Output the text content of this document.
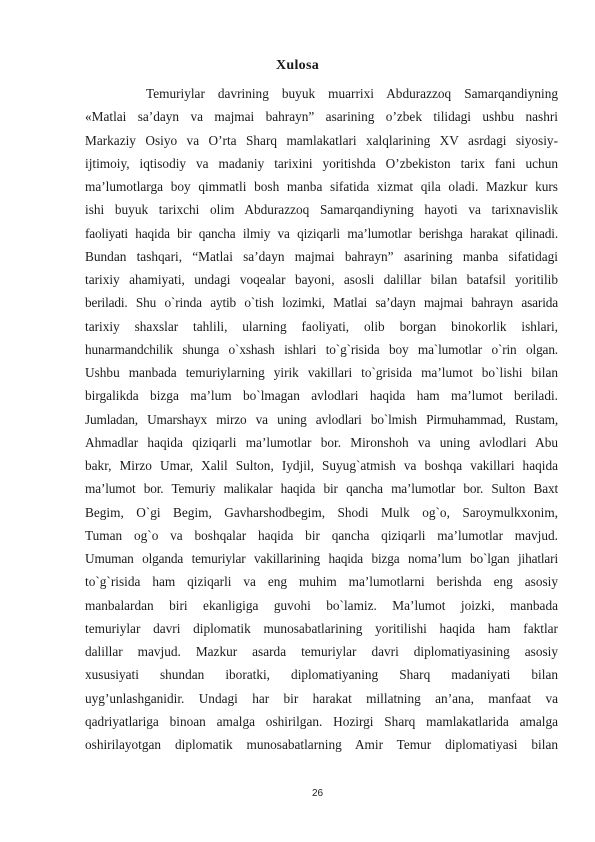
Xulosa
Temuriylar davrining buyuk muarrixi Abdurazzoq Samarqandiyning
«Matlai sa’dayn va majmai bahrayn” asarining o’zbek tilidagi ushbu nashri
Markaziy Osiyo va O’rta Sharq mamlakatlari xalqlarining XV asrdagi siyosiy-
ijtimoiy, iqtisodiy va madaniy tarixini yoritishda O’zbekiston tarix fani uchun
ma’lumotlarga boy qimmatli bosh manba sifatida xizmat qila oladi. Mazkur kurs
ishi buyuk tarixchi olim Abdurazzoq Samarqandiyning hayoti va tarixnavislik
faoliyati haqida bir qancha ilmiy va qiziqarli ma’lumotlar berishga harakat qilinadi.
Bundan tashqari, “Matlai sa’dayn majmai bahrayn” asarining manba sifatidagi
tarixiy ahamiyati, undagi voqealar bayoni, asosli dalillar bilan batafsil yoritilib
beriladi. Shu o`rinda aytib o`tish lozimki, Matlai sa’dayn majmai bahrayn asarida
tarixiy shaxslar tahlili, ularning faoliyati, olib borgan binokorlik ishlari,
hunarmandchilik shunga o`xshash ishlari to`g`risida boy ma`lumotlar o`rin olgan.
Ushbu manbada temuriylarning yirik vakillari to`grisida ma’lumot bo`lishi bilan
birgalikda bizga ma’lum bo`lmagan avlodlari haqida ham ma’lumot beriladi.
Jumladan, Umarshayx mirzo va uning avlodlari bo`lmish Pirmuhammad, Rustam,
Ahmadlar haqida qiziqarli ma’lumotlar bor. Mironshoh va uning avlodlari Abu
bakr, Mirzo Umar, Xalil Sulton, Iydjil, Suyug`atmish va boshqa vakillari haqida
ma’lumot bor. Temuriy malikalar haqida bir qancha ma’lumotlar bor. Sulton Baxt
Begim, O`gi Begim, Gavharshodbegim, Shodi Mulk og`o, Saroymulkxonim,
Tuman og`o va boshqalar haqida bir qancha qiziqarli ma’lumotlar mavjud.
Umuman olganda temuriylar vakillarining haqida bizga noma’lum bo`lgan jihatlari
to`g`risida ham qiziqarli va eng muhim ma’lumotlarni berishda eng asosiy
manbalardan biri ekanligiga guvohi bo`lamiz. Ma’lumot joizki, manbada
temuriylar davri diplomatik munosabatlarining yoritilishi haqida ham faktlar
dalillar mavjud. Mazkur asarda temuriylar davri diplomatiyasining asosiy
xususiyati shundan iboratki, diplomatiyaning Sharq madaniyati bilan
uyg’unlashganidir. Undagi har bir harakat millatning an’ana, manfaat va
qadriyatlariga binoan amalga oshirilgan. Hozirgi Sharq mamlakatlarida amalga
oshirilayotgan diplomatik munosabatlarning Amir Temur diplomatiyasi bilan
26
